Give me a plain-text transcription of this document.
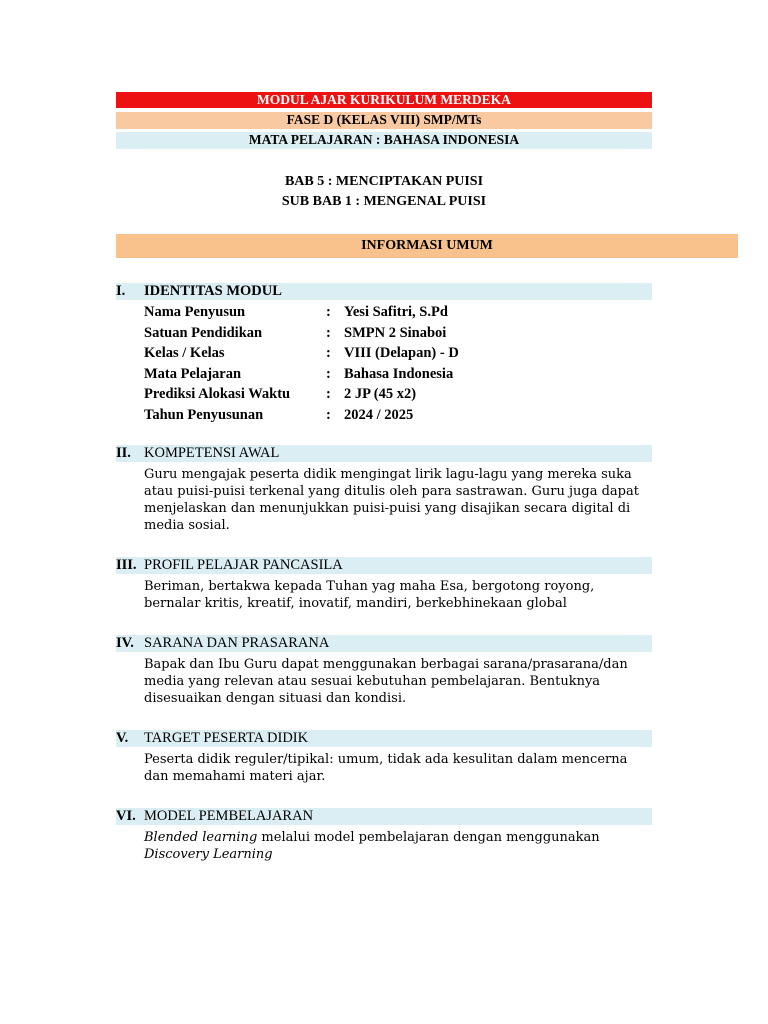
MODUL AJAR KURIKULUM MERDEKA
FASE D (KELAS VIII) SMP/MTs
MATA PELAJARAN : BAHASA INDONESIA
BAB 5 : MENCIPTAKAN PUISI
SUB BAB 1 : MENGENAL PUISI
INFORMASI UMUM
I. IDENTITAS MODUL
Nama Penyusun	: Yesi Safitri, S.Pd
Satuan Pendidikan	: SMPN 2 Sinaboi
Kelas / Kelas	: VIII (Delapan) - D
Mata Pelajaran	: Bahasa Indonesia
Prediksi Alokasi Waktu : 2 JP (45 x2)
Tahun Penyusunan	: 2024 / 2025
II. KOMPETENSI AWAL
Guru mengajak peserta didik mengingat lirik lagu-lagu yang mereka suka atau puisi-puisi terkenal yang ditulis oleh para sastrawan. Guru juga dapat menjelaskan dan menunjukkan puisi-puisi yang disajikan secara digital di media sosial.
III. PROFIL PELAJAR PANCASILA
Beriman, bertakwa kepada Tuhan yag maha Esa, bergotong royong, bernalar kritis, kreatif, inovatif, mandiri, berkebhinekaan global
IV. SARANA DAN PRASARANA
Bapak dan Ibu Guru dapat menggunakan berbagai sarana/prasarana/dan media yang relevan atau sesuai kebutuhan pembelajaran. Bentuknya disesuaikan dengan situasi dan kondisi.
V. TARGET PESERTA DIDIK
Peserta didik reguler/tipikal: umum, tidak ada kesulitan dalam mencerna dan memahami materi ajar.
VI. MODEL PEMBELAJARAN
Blended learning melalui model pembelajaran dengan menggunakan Discovery Learning
